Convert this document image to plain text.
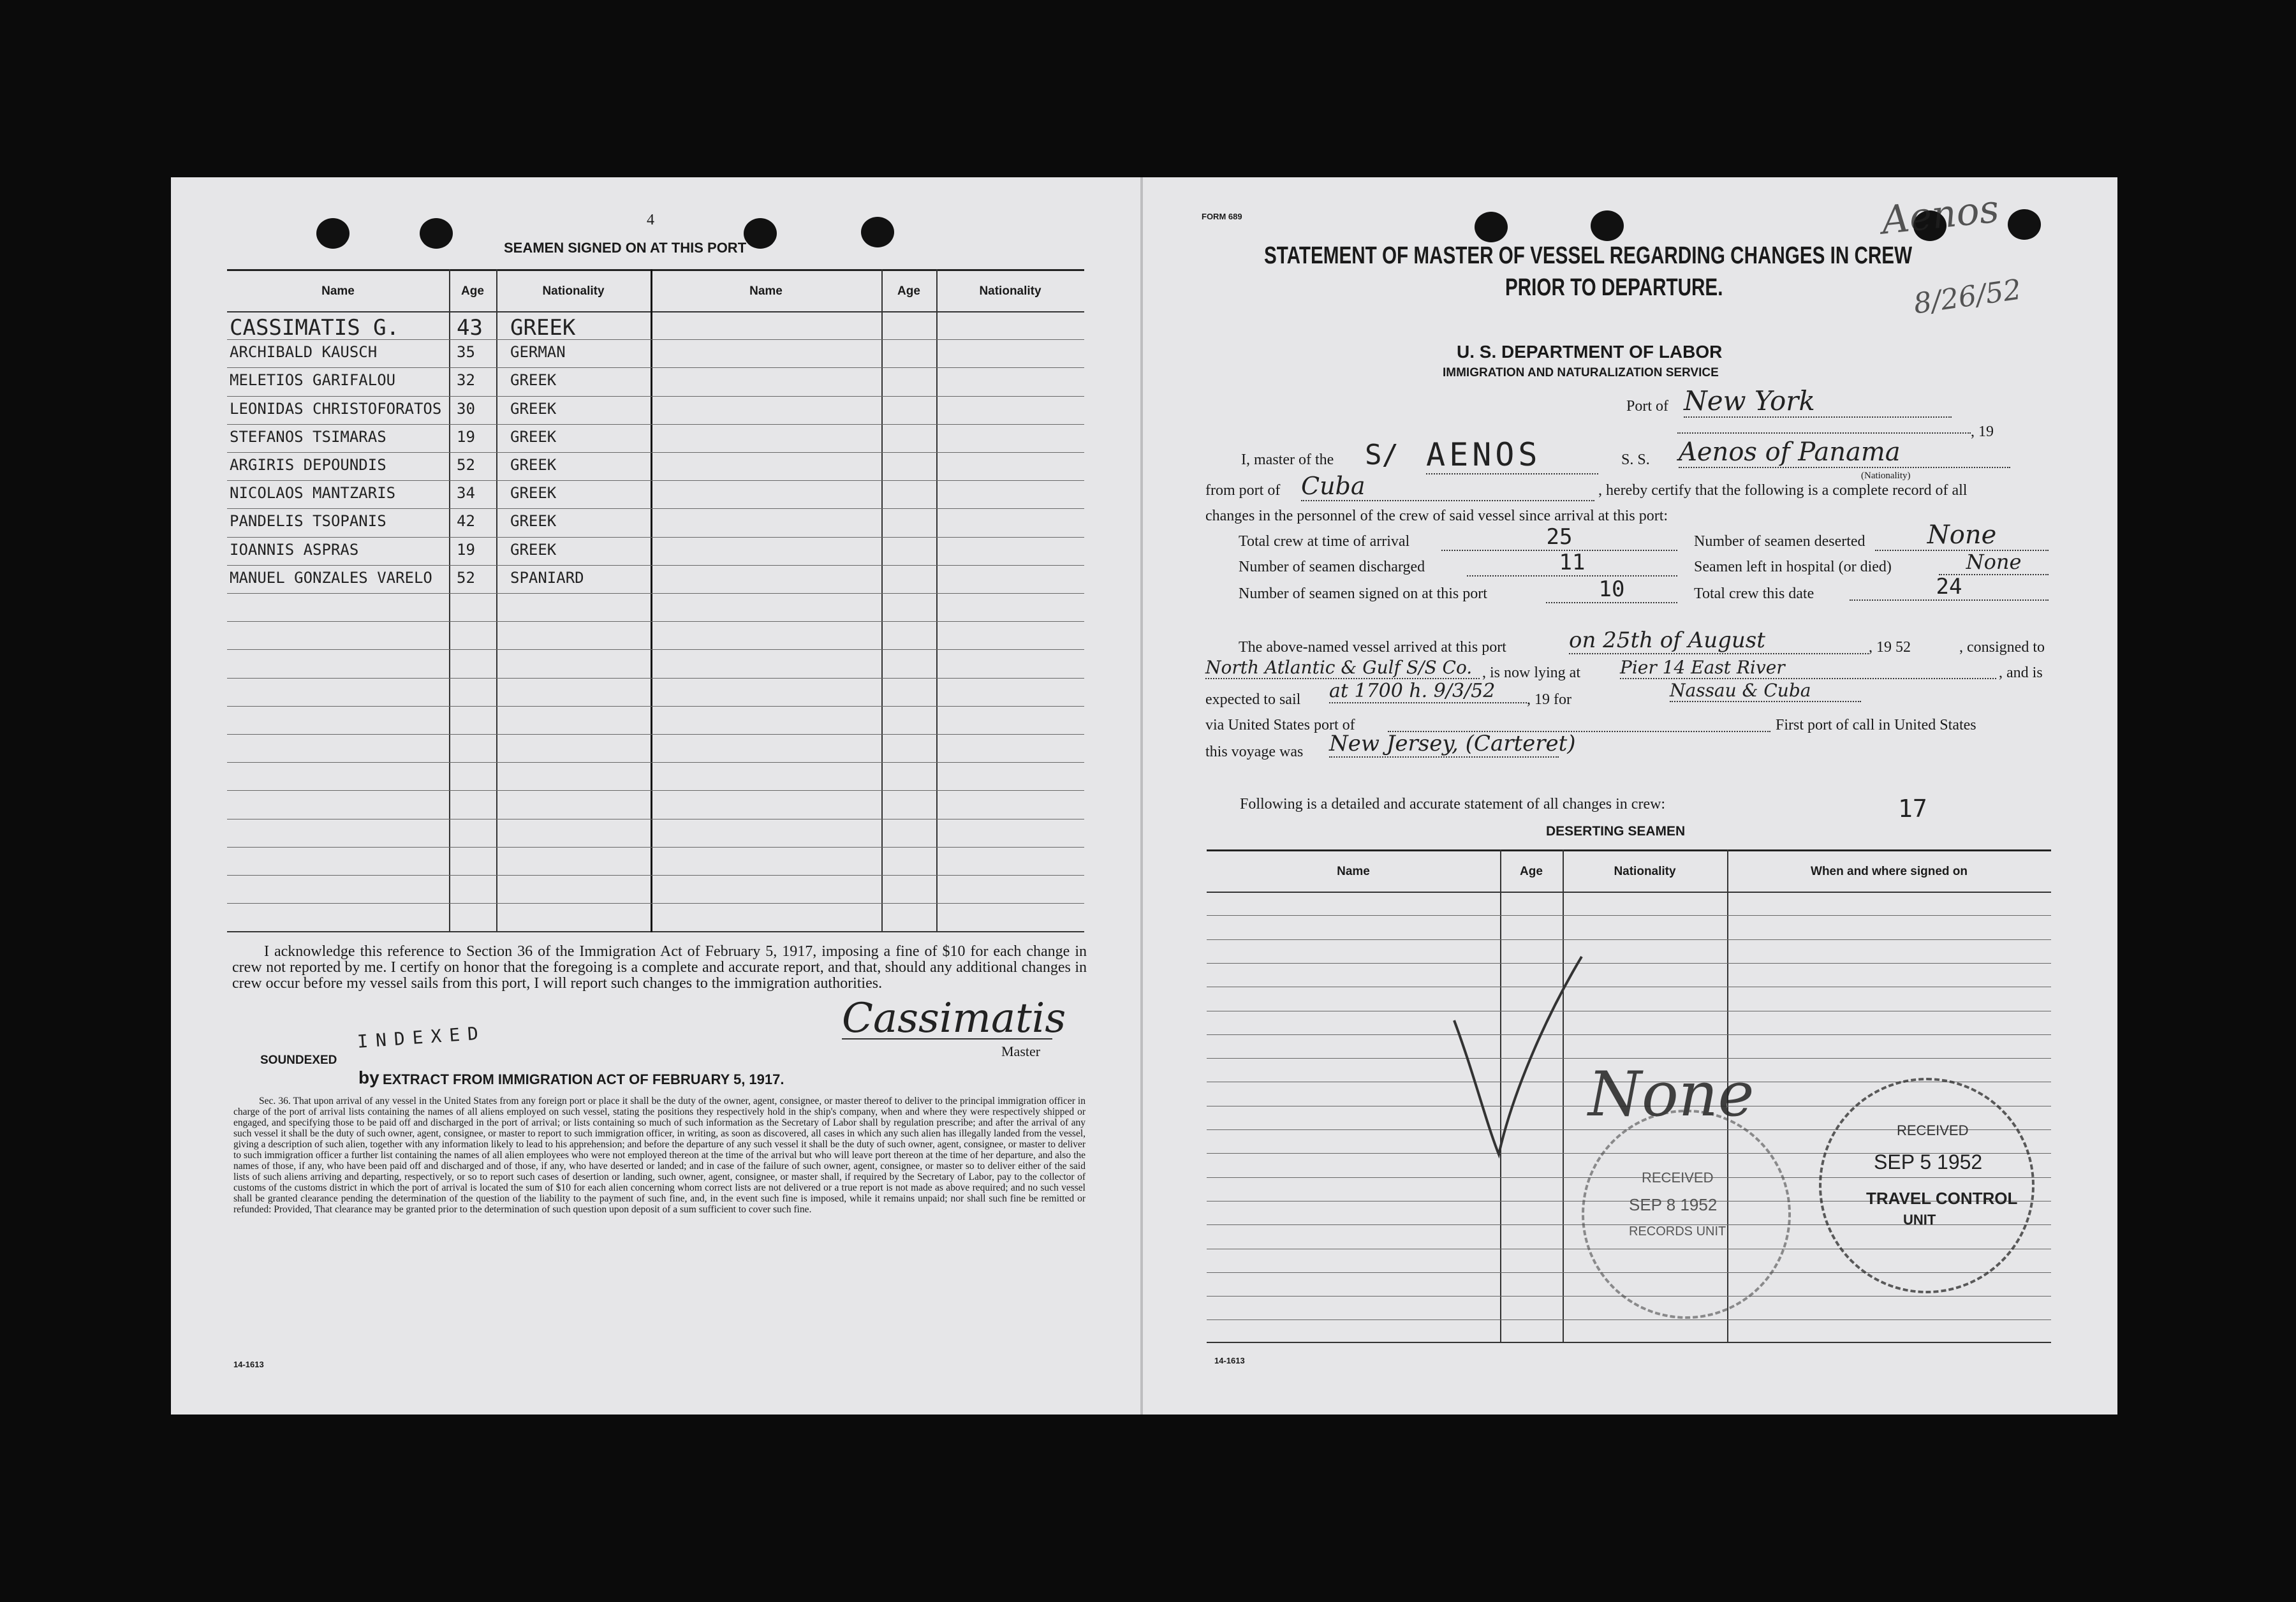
4
SEAMEN SIGNED ON AT THIS PORT
Name	Age	Nationality	Name	Age	Nationality
CASSIMATIS G.	43	GREEK
ARCHIBALD KAUSCH	35	GERMAN
MELETIOS GARIFALOU	32	GREEK
LEONIDAS CHRISTOFORATOS 30	GREEK
STEFANOS TSIMARAS	19	GREEK
ARGIRIS DEPOUNDIS	52	GREEK
NICOLAOS MANTZARIS	34	GREEK
PANDELIS TSOPANIS	42	GREEK
IOANNIS ASPRAS	19	GREEK
MANUEL GONZALES VARELO	52	SPANIARD
I acknowledge this reference to Section 36 of the Immigration Act of February 5, 1917, imposing a fine of $10 for each change in crew not reported by me. I certify on honor that the foregoing is a complete and accurate report, and that, should any additional changes in crew occur before my vessel sails from this port, I will report such changes to the immigration authorities.
Cassimatis
Master
SOUNDEXED
INDEXED
by EXTRACT FROM IMMIGRATION ACT OF FEBRUARY 5, 1917.
Sec. 36. That upon arrival of any vessel in the United States from any foreign port or place it shall be the duty of the owner, agent, consignee, or master thereof to deliver to the principal immigration officer in charge of the port of arrival lists containing the names of all aliens employed on such vessel, stating the positions they respectively hold in the ship's company, when and where they were respectively shipped or engaged, and specifying those to be paid off and discharged in the port of arrival; or lists containing so much of such information as the Secretary of Labor shall by regulation prescribe; and after the arrival of any such vessel it shall be the duty of such owner, agent, consignee, or master to report to such immigration officer, in writing, as soon as discovered, all cases in which any such alien has illegally landed from the vessel, giving a description of such alien, together with any information likely to lead to his apprehension; and before the departure of any such vessel it shall be the duty of such owner, agent, consignee, or master to deliver to such immigration officer a further list containing the names of all alien employees who were not employed thereon at the time of the arrival but who will leave port thereon at the time of her departure, and also the names of those, if any, who have been paid off and discharged and of those, if any, who have deserted or landed; and in case of the failure of such owner, agent, consignee, or master so to deliver either of the said lists of such aliens arriving and departing, respectively, or so to report such cases of desertion or landing, such owner, agent, consignee, or master shall, if required by the Secretary of Labor, pay to the collector of customs of the customs district in which the port of arrival is located the sum of $10 for each alien concerning whom correct lists are not delivered or a true report is not made as above required; and no such vessel shall be granted clearance pending the determination of the question of the liability to the payment of such fine, and, in the event such fine is imposed, while it remains unpaid; nor shall such fine be remitted or refunded: Provided, That clearance may be granted prior to the determination of such question upon deposit of a sum sufficient to cover such fine.
14-1613
FORM 689	Aenos
8/26/52
STATEMENT OF MASTER OF VESSEL REGARDING CHANGES IN CREW
PRIOR TO DEPARTURE.
U. S. DEPARTMENT OF LABOR
IMMIGRATION AND NATURALIZATION SERVICE
Port of New York
, 19
I, master of the S/ AENOS	S. S. Aenos of Panama
(Nationality)
from port of Cuba	, hereby certify that the following is a complete record of all
changes in the personnel of the crew of said vessel since arrival at this port:
Total crew at time of arrival	25
Number of seamen discharged	11
Number of seamen signed on at this port	10
Number of seamen deserted	None
Seamen left in hospital (or died)	None
Total crew this date	24
The above-named vessel arrived at this port	on 25th of August	, 19 52	, consigned to
North Atlantic & Gulf S/S Co. , is now lying at Pier 14 East River	, and is
expected to sail at 1700 h. 9/3/52	, 19 for	Nassau & Cuba
via United States port of	First port of call in United States
this voyage was New Jersey, (Carteret)
Following is a detailed and accurate statement of all changes in crew:	17
DESERTING SEAMEN
Name	Age	Nationality	When and where signed on
None
RECEIVED
SEP 8 1952
RECORDS UNIT
RECEIVED
SEP 5 1952
TRAVEL CONTROL
UNIT
14-1613
